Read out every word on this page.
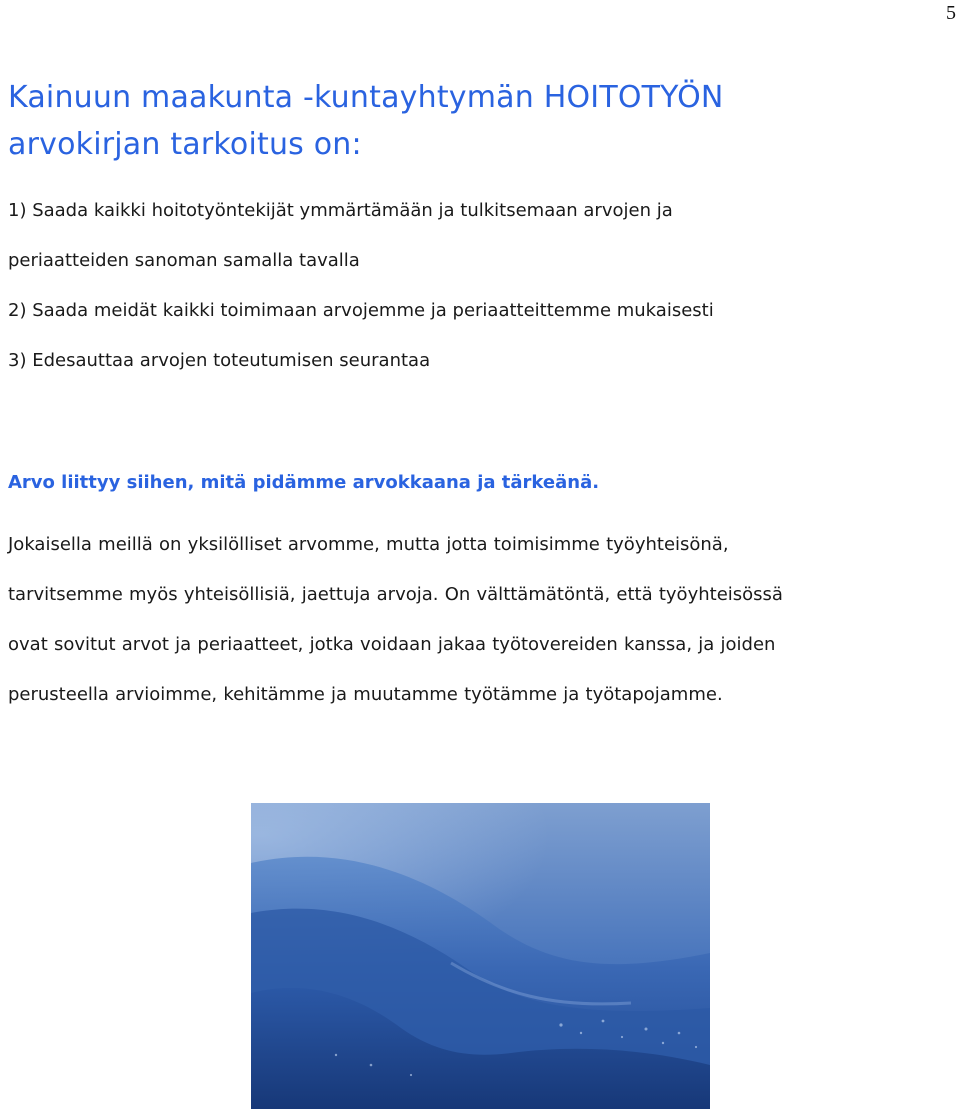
5
Kainuun maakunta -kuntayhtymän HOITOTYÖN
arvokirjan tarkoitus on:
1) Saada kaikki hoitotyöntekijät ymmärtämään ja tulkitsemaan arvojen ja
periaatteiden sanoman samalla tavalla
2) Saada meidät kaikki toimimaan arvojemme ja periaatteittemme mukaisesti
3) Edesauttaa arvojen toteutumisen seurantaa

Arvo liittyy siihen, mitä pidämme arvokkaana ja tärkeänä.

Jokaisella meillä on yksilölliset arvomme, mutta jotta toimisimme työyhteisönä,
tarvitsemme myös yhteisöllisiä, jaettuja arvoja. On välttämätöntä, että työyhteisössä
ovat sovitut arvot ja periaatteet, jotka voidaan jakaa työtovereiden kanssa, ja joiden
perusteella arvioimme, kehitämme ja muutamme työtämme ja työtapojamme.
